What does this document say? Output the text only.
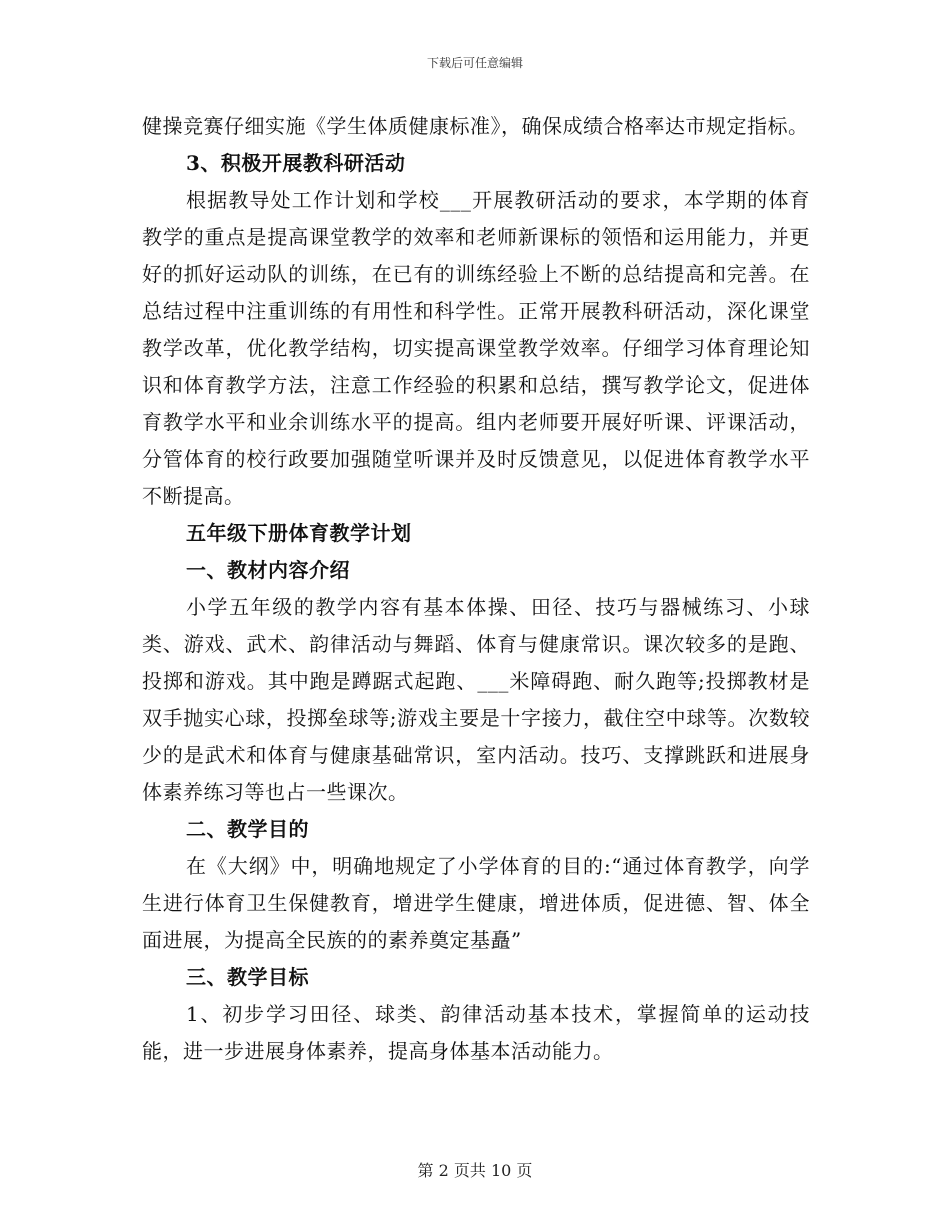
下载后可任意编辑

健操竞赛仔细实施《学生体质健康标准》，确保成绩合格率达市规定指标。

3、积极开展教科研活动

根据教导处工作计划和学校___开展教研活动的要求，本学期的体育教学的重点是提高课堂教学的效率和老师新课标的领悟和运用能力，并更好的抓好运动队的训练，在已有的训练经验上不断的总结提高和完善。在总结过程中注重训练的有用性和科学性。正常开展教科研活动，深化课堂教学改革，优化教学结构，切实提高课堂教学效率。仔细学习体育理论知识和体育教学方法，注意工作经验的积累和总结，撰写教学论文，促进体育教学水平和业余训练水平的提高。组内老师要开展好听课、评课活动，分管体育的校行政要加强随堂听课并及时反馈意见，以促进体育教学水平不断提高。

五年级下册体育教学计划

一、教材内容介绍

小学五年级的教学内容有基本体操、田径、技巧与器械练习、小球类、游戏、武术、韵律活动与舞蹈、体育与健康常识。课次较多的是跑、投掷和游戏。其中跑是蹲踞式起跑、___米障碍跑、耐久跑等;投掷教材是双手抛实心球，投掷垒球等;游戏主要是十字接力，截住空中球等。次数较少的是武术和体育与健康基础常识，室内活动。技巧、支撑跳跃和进展身体素养练习等也占一些课次。

二、教学目的

在《大纲》中，明确地规定了小学体育的目的:“通过体育教学，向学生进行体育卫生保健教育，增进学生健康，增进体质，促进德、智、体全面进展，为提高全民族的的素养奠定基矗”

三、教学目标

1、初步学习田径、球类、韵律活动基本技术，掌握简单的运动技能，进一步进展身体素养，提高身体基本活动能力。

第 2 页共 10 页
